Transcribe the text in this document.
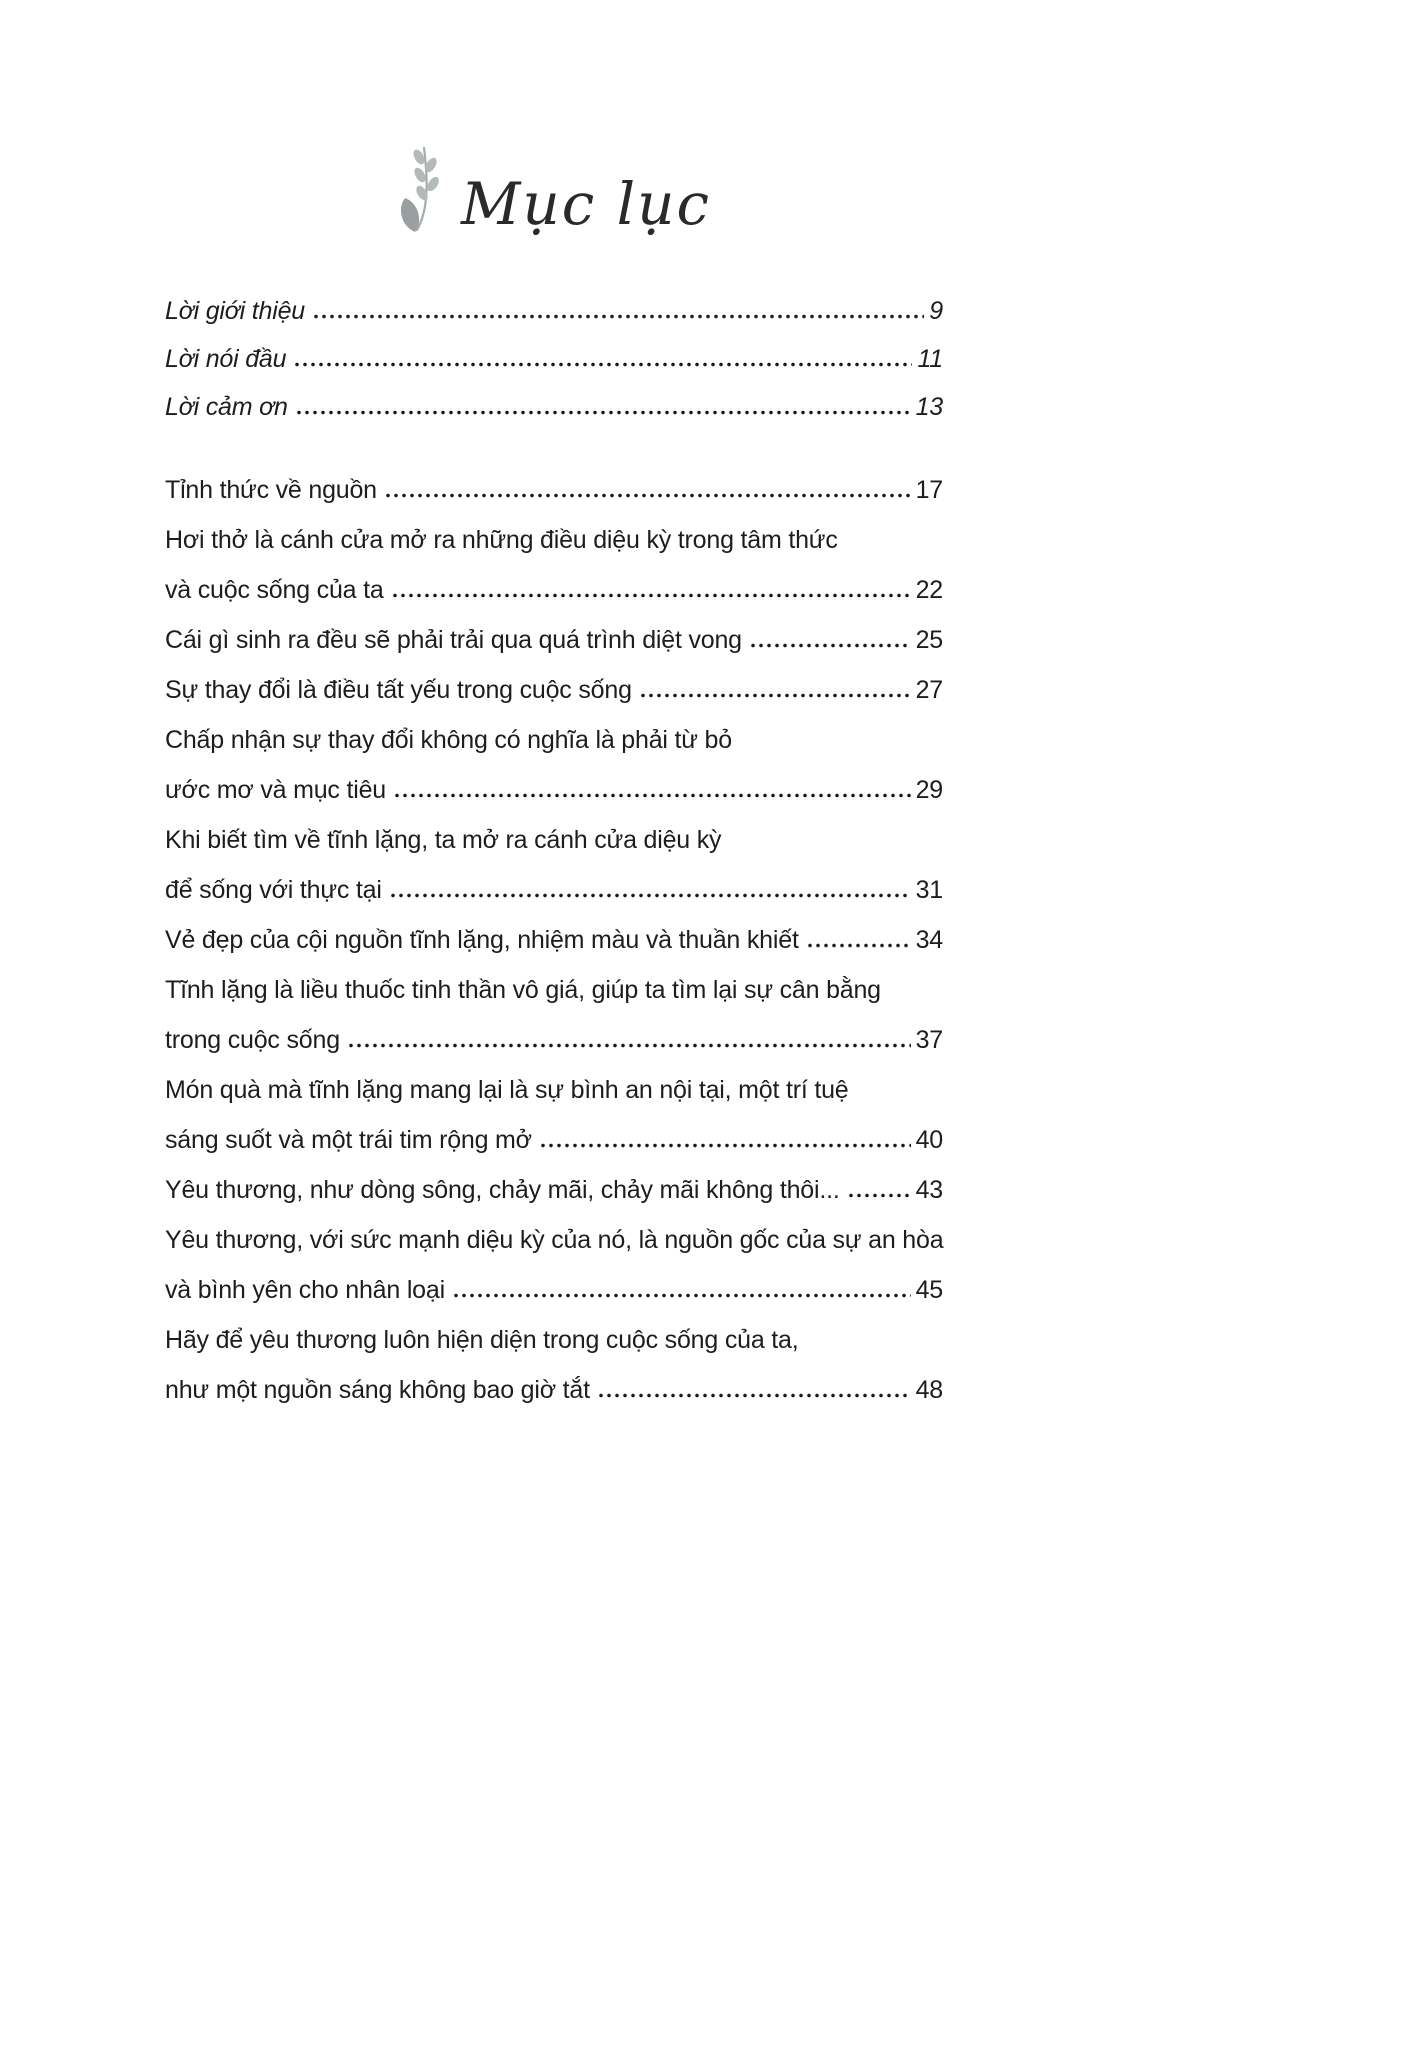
Mục lục
Lời giới thiệu	9
Lời nói đầu	11
Lời cảm ơn	13
Tỉnh thức về nguồn	17
Hơi thở là cánh cửa mở ra những điều diệu kỳ trong tâm thức
và cuộc sống của ta	22
Cái gì sinh ra đều sẽ phải trải qua quá trình diệt vong	25
Sự thay đổi là điều tất yếu trong cuộc sống	27
Chấp nhận sự thay đổi không có nghĩa là phải từ bỏ
ước mơ và mục tiêu	29
Khi biết tìm về tĩnh lặng, ta mở ra cánh cửa diệu kỳ
để sống với thực tại	31
Vẻ đẹp của cội nguồn tĩnh lặng, nhiệm màu và thuần khiết	34
Tĩnh lặng là liều thuốc tinh thần vô giá, giúp ta tìm lại sự cân bằng
trong cuộc sống	37
Món quà mà tĩnh lặng mang lại là sự bình an nội tại, một trí tuệ
sáng suốt và một trái tim rộng mở	40
Yêu thương, như dòng sông, chảy mãi, chảy mãi không thôi...	43
Yêu thương, với sức mạnh diệu kỳ của nó, là nguồn gốc của sự an hòa
và bình yên cho nhân loại	45
Hãy để yêu thương luôn hiện diện trong cuộc sống của ta,
như một nguồn sáng không bao giờ tắt	48
